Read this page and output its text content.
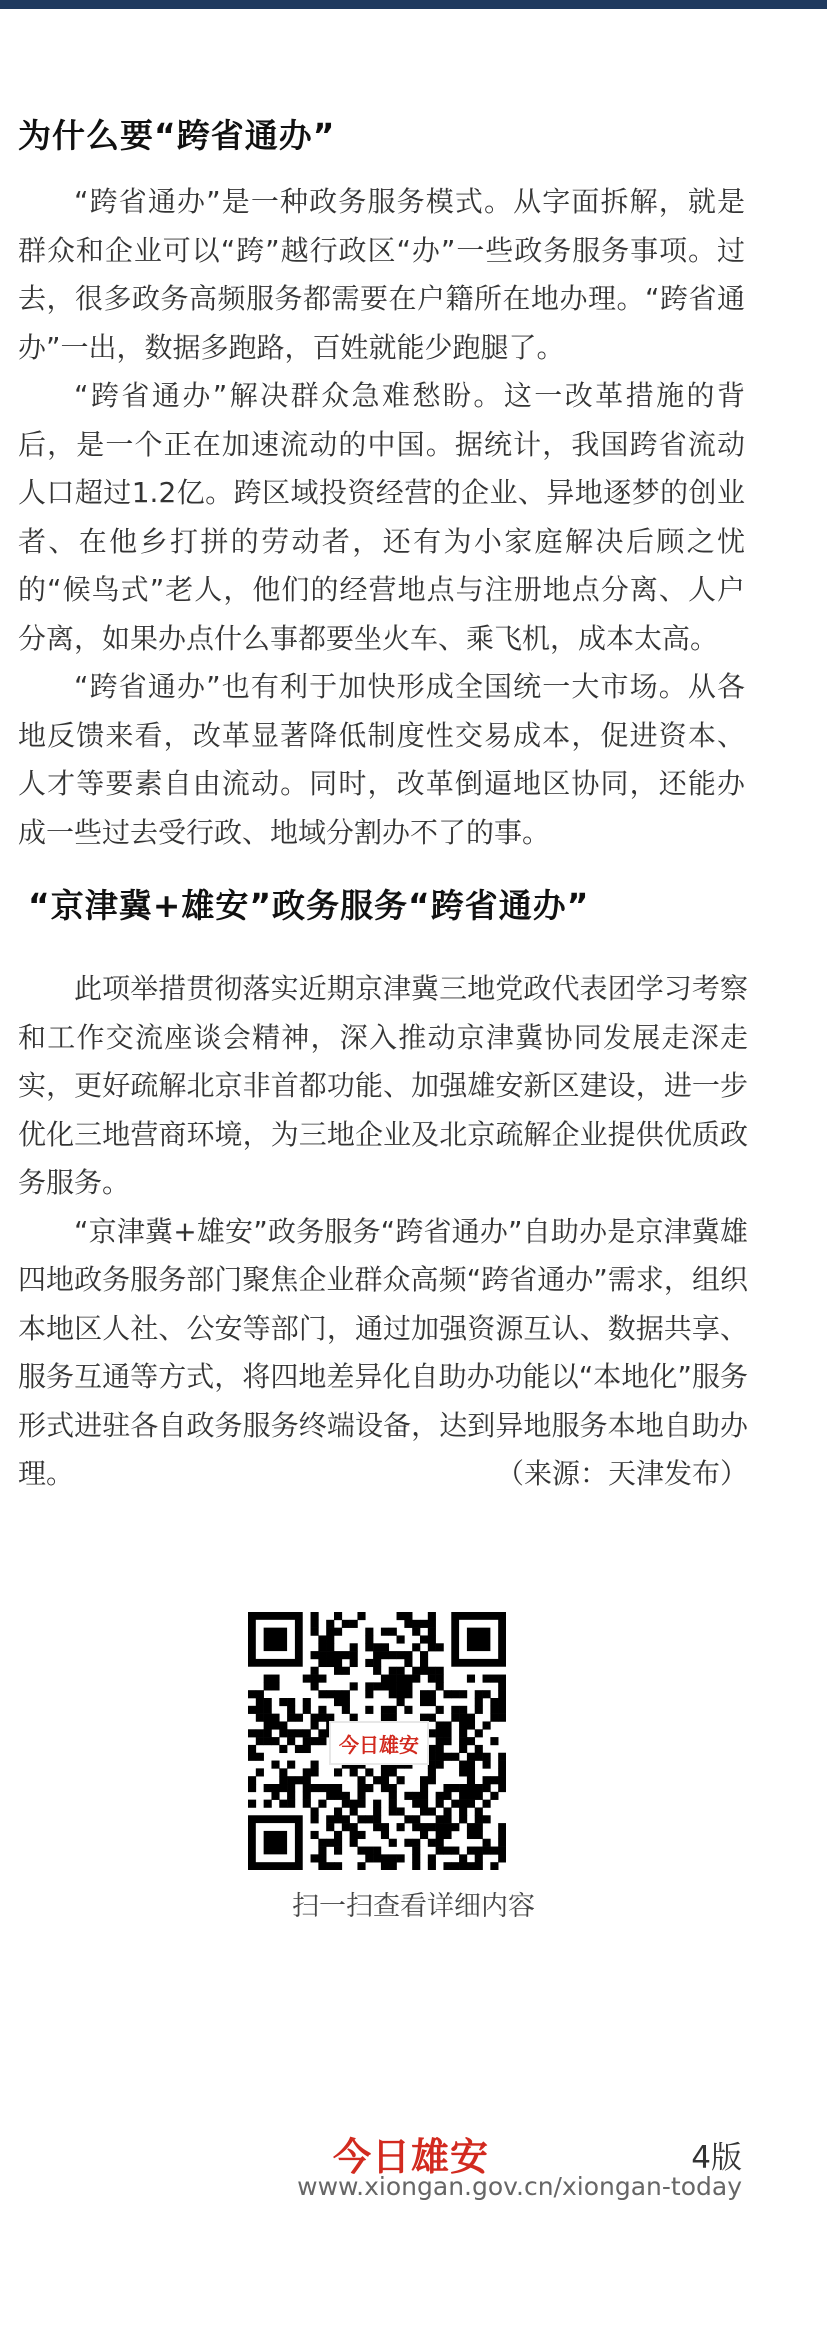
为什么要“跨省通办”

“跨省通办”是一种政务服务模式。从字面拆解，就是群众和企业可以“跨”越行政区“办”一些政务服务事项。过去，很多政务高频服务都需要在户籍所在地办理。“跨省通办”一出，数据多跑路，百姓就能少跑腿了。

“跨省通办”解决群众急难愁盼。这一改革措施的背后，是一个正在加速流动的中国。据统计，我国跨省流动人口超过1.2亿。跨区域投资经营的企业、异地逐梦的创业者、在他乡打拼的劳动者，还有为小家庭解决后顾之忧的“候鸟式”老人，他们的经营地点与注册地点分离、人户分离，如果办点什么事都要坐火车、乘飞机，成本太高。

“跨省通办”也有利于加快形成全国统一大市场。从各地反馈来看，改革显著降低制度性交易成本，促进资本、人才等要素自由流动。同时，改革倒逼地区协同，还能办成一些过去受行政、地域分割办不了的事。

“京津冀+雄安”政务服务“跨省通办”

此项举措贯彻落实近期京津冀三地党政代表团学习考察和工作交流座谈会精神，深入推动京津冀协同发展走深走实，更好疏解北京非首都功能、加强雄安新区建设，进一步优化三地营商环境，为三地企业及北京疏解企业提供优质政务服务。

“京津冀+雄安”政务服务“跨省通办”自助办是京津冀雄四地政务服务部门聚焦企业群众高频“跨省通办”需求，组织本地区人社、公安等部门，通过加强资源互认、数据共享、服务互通等方式，将四地差异化自助办功能以“本地化”服务形式进驻各自政务服务终端设备，达到异地服务本地自助办理。	（来源：天津发布）

今日雄安
扫一扫查看详细内容
今日雄安	4版
www.xiongan.gov.cn/xiongan-today
